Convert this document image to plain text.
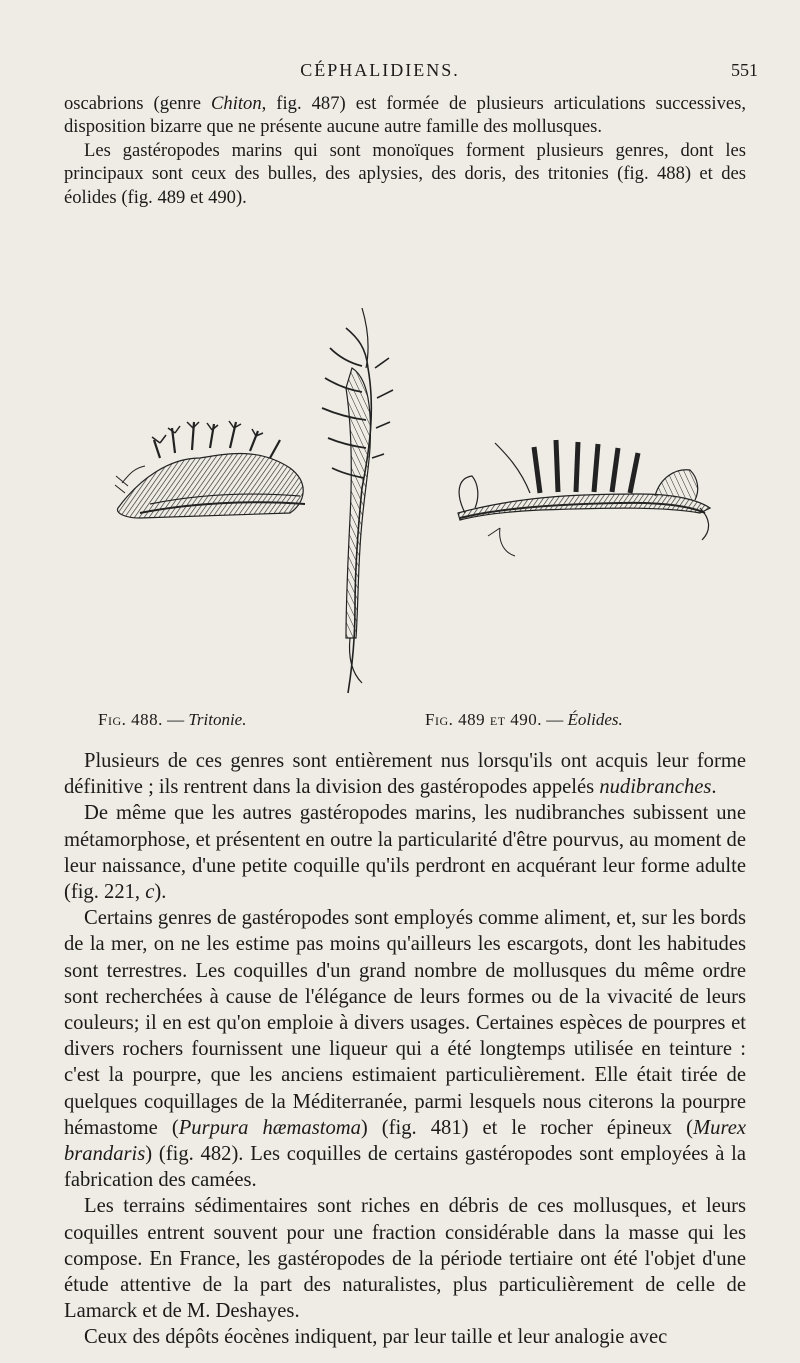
CÉPHALIDIENS.	551

oscabrions (genre Chiton, fig. 487) est formée de plusieurs articulations successives, disposition bizarre que ne présente aucune autre famille des mollusques.

Les gastéropodes marins qui sont monoïques forment plusieurs genres, dont les principaux sont ceux des bulles, des aplysies, des doris, des tritonies (fig. 488) et des éolides (fig. 489 et 490).

Fig. 488. — Tritonie.	Fig. 489 et 490. — Éolides.

Plusieurs de ces genres sont entièrement nus lorsqu'ils ont acquis leur forme définitive ; ils rentrent dans la division des gastéropodes appelés nudibranches.

De même que les autres gastéropodes marins, les nudibranches subissent une métamorphose, et présentent en outre la particularité d'être pourvus, au moment de leur naissance, d'une petite coquille qu'ils perdront en acquérant leur forme adulte (fig. 221, c).

Certains genres de gastéropodes sont employés comme aliment, et, sur les bords de la mer, on ne les estime pas moins qu'ailleurs les escargots, dont les habitudes sont terrestres. Les coquilles d'un grand nombre de mollusques du même ordre sont recherchées à cause de l'élégance de leurs formes ou de la vivacité de leurs couleurs; il en est qu'on emploie à divers usages. Certaines espèces de pourpres et divers rochers fournissent une liqueur qui a été longtemps utilisée en teinture : c'est la pourpre, que les anciens estimaient particulièrement. Elle était tirée de quelques coquillages de la Méditerranée, parmi lesquels nous citerons la pourpre hémastome (Purpura hæmastoma) (fig. 481) et le rocher épineux (Murex brandaris) (fig. 482). Les coquilles de certains gastéropodes sont employées à la fabrication des camées.

Les terrains sédimentaires sont riches en débris de ces mollusques, et leurs coquilles entrent souvent pour une fraction considérable dans la masse qui les compose. En France, les gastéropodes de la période tertiaire ont été l'objet d'une étude attentive de la part des naturalistes, plus particulièrement de celle de Lamarck et de M. Deshayes.

Ceux des dépôts éocènes indiquent, par leur taille et leur analogie avec
